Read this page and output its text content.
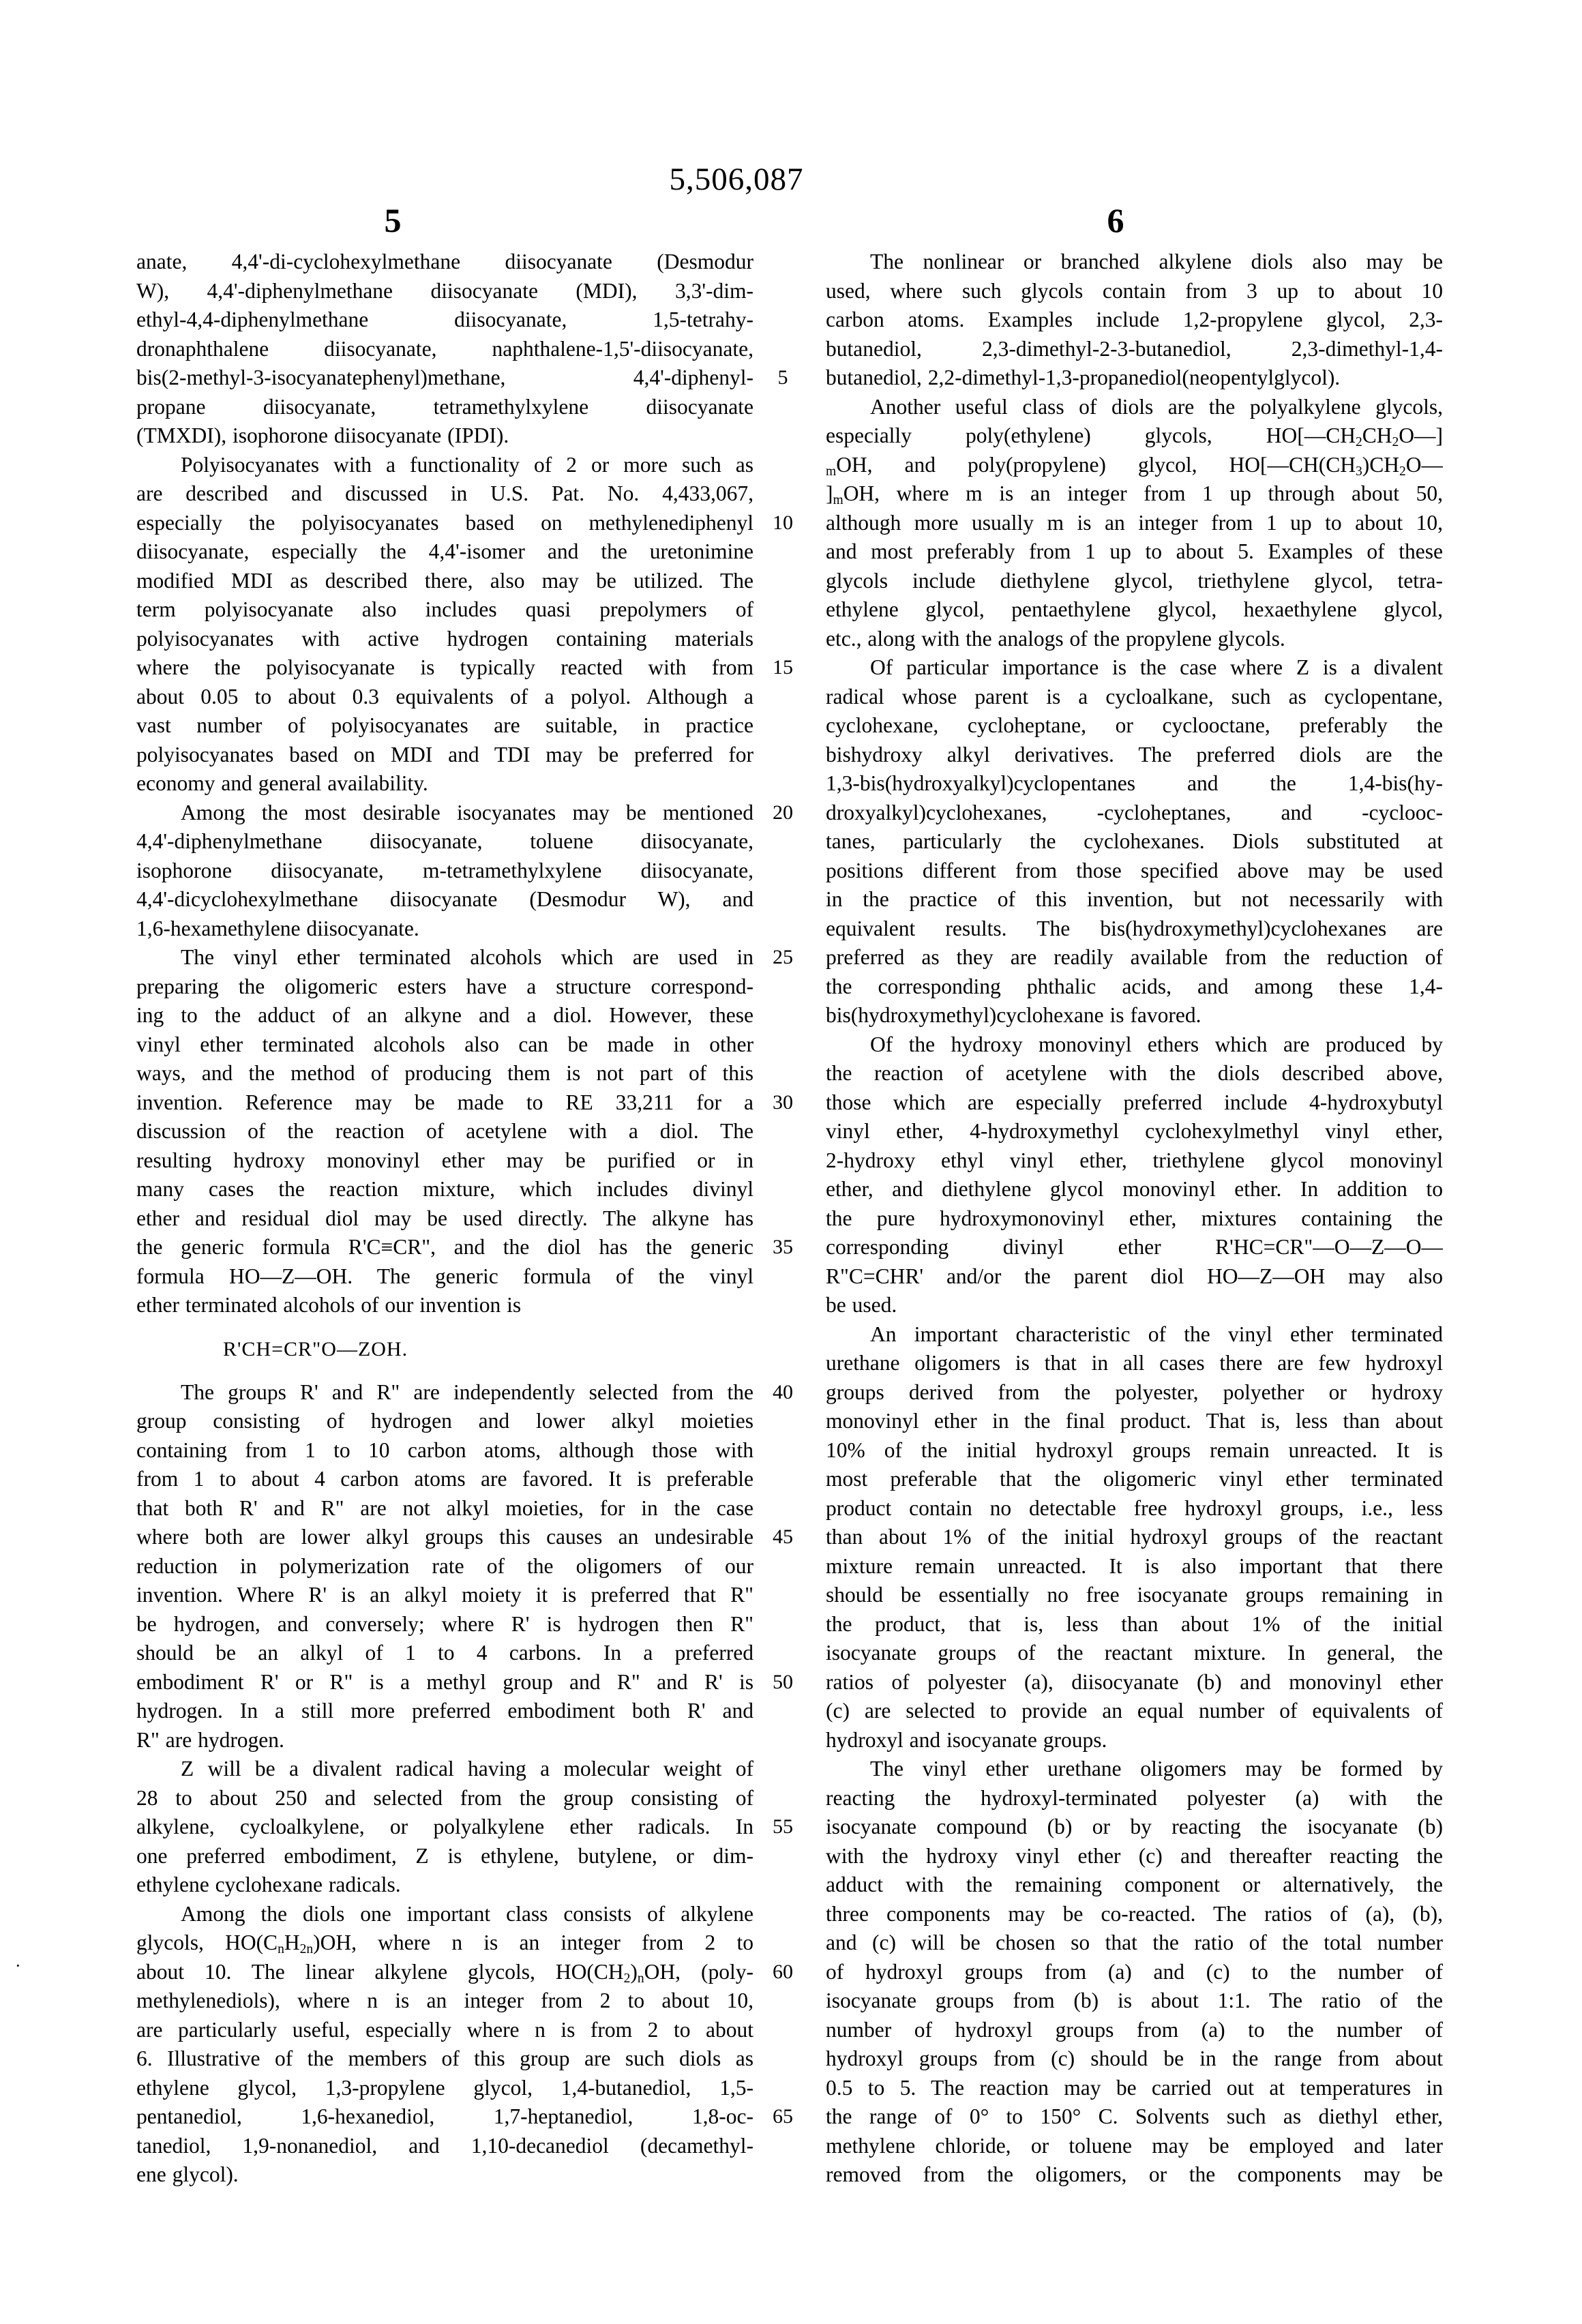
5,506,087
5	6
anate, 4,4'-di-cyclohexylmethane diisocyanate (Desmodur
W), 4,4'-diphenylmethane diisocyanate (MDI), 3,3'-dim-
ethyl-4,4-diphenylmethane diisocyanate, 1,5-tetrahy-
dronaphthalene diisocyanate, naphthalene-1,5'-diisocyanate,
bis(2-methyl-3-isocyanatephenyl)methane, 4,4'-diphenyl-
propane diisocyanate, tetramethylxylene diisocyanate
(TMXDI), isophorone diisocyanate (IPDI).
Polyisocyanates with a functionality of 2 or more such as
are described and discussed in U.S. Pat. No. 4,433,067,
especially the polyisocyanates based on methylenediphenyl
diisocyanate, especially the 4,4'-isomer and the uretonimine
modified MDI as described there, also may be utilized. The
term polyisocyanate also includes quasi prepolymers of
polyisocyanates with active hydrogen containing materials
where the polyisocyanate is typically reacted with from
about 0.05 to about 0.3 equivalents of a polyol. Although a
vast number of polyisocyanates are suitable, in practice
polyisocyanates based on MDI and TDI may be preferred for
economy and general availability.
Among the most desirable isocyanates may be mentioned
4,4'-diphenylmethane diisocyanate, toluene diisocyanate,
isophorone diisocyanate, m-tetramethylxylene diisocyanate,
4,4'-dicyclohexylmethane diisocyanate (Desmodur W), and
1,6-hexamethylene diisocyanate.
The vinyl ether terminated alcohols which are used in
preparing the oligomeric esters have a structure correspond-
ing to the adduct of an alkyne and a diol. However, these
vinyl ether terminated alcohols also can be made in other
ways, and the method of producing them is not part of this
invention. Reference may be made to RE 33,211 for a
discussion of the reaction of acetylene with a diol. The
resulting hydroxy monovinyl ether may be purified or in
many cases the reaction mixture, which includes divinyl
ether and residual diol may be used directly. The alkyne has
the generic formula R'C≡CR", and the diol has the generic
formula HO—Z—OH. The generic formula of the vinyl
ether terminated alcohols of our invention is
R'CH=CR"O—ZOH.
The groups R' and R" are independently selected from the
group consisting of hydrogen and lower alkyl moieties
containing from 1 to 10 carbon atoms, although those with
from 1 to about 4 carbon atoms are favored. It is preferable
that both R' and R" are not alkyl moieties, for in the case
where both are lower alkyl groups this causes an undesirable
reduction in polymerization rate of the oligomers of our
invention. Where R' is an alkyl moiety it is preferred that R"
be hydrogen, and conversely; where R' is hydrogen then R"
should be an alkyl of 1 to 4 carbons. In a preferred
embodiment R' or R" is a methyl group and R" and R' is
hydrogen. In a still more preferred embodiment both R' and
R" are hydrogen.
Z will be a divalent radical having a molecular weight of
28 to about 250 and selected from the group consisting of
alkylene, cycloalkylene, or polyalkylene ether radicals. In
one preferred embodiment, Z is ethylene, butylene, or dim-
ethylene cyclohexane radicals.
Among the diols one important class consists of alkylene
glycols, $HO(C_nH_{2n})OH$, where n is an integer from 2 to
about 10. The linear alkylene glycols, $HO(CH_2)_nOH$, (poly-
methylenediols), where n is an integer from 2 to about 10,
are particularly useful, especially where n is from 2 to about
6. Illustrative of the members of this group are such diols as
ethylene glycol, 1,3-propylene glycol, 1,4-butanediol, 1,5-
pentanediol, 1,6-hexanediol, 1,7-heptanediol, 1,8-oc-
tanediol, 1,9-nonanediol, and 1,10-decanediol (decamethyl-
ene glycol).
The nonlinear or branched alkylene diols also may be
used, where such glycols contain from 3 up to about 10
carbon atoms. Examples include 1,2-propylene glycol, 2,3-
butanediol, 2,3-dimethyl-2-3-butanediol, 2,3-dimethyl-1,4-
butanediol, 2,2-dimethyl-1,3-propanediol(neopentylglycol).
Another useful class of diols are the polyalkylene glycols,
especially poly(ethylene) glycols, $HO[—CH_2CH_2O—]$
$_m$OH, and poly(propylene) glycol, $HO[—CH(CH_3)CH_2O—$
]$_mOH$, where m is an integer from 1 up through about 50,
although more usually m is an integer from 1 up to about 10,
and most preferably from 1 up to about 5. Examples of these
glycols include diethylene glycol, triethylene glycol, tetra-
ethylene glycol, pentaethylene glycol, hexaethylene glycol,
etc., along with the analogs of the propylene glycols.
Of particular importance is the case where Z is a divalent
radical whose parent is a cycloalkane, such as cyclopentane,
cyclohexane, cycloheptane, or cyclooctane, preferably the
bishydroxy alkyl derivatives. The preferred diols are the
1,3-bis(hydroxyalkyl)cyclopentanes and the 1,4-bis(hy-
droxyalkyl)cyclohexanes, -cycloheptanes, and -cyclooc-
tanes, particularly the cyclohexanes. Diols substituted at
positions different from those specified above may be used
in the practice of this invention, but not necessarily with
equivalent results. The bis(hydroxymethyl)cyclohexanes are
preferred as they are readily available from the reduction of
the corresponding phthalic acids, and among these 1,4-
bis(hydroxymethyl)cyclohexane is favored.
Of the hydroxy monovinyl ethers which are produced by
the reaction of acetylene with the diols described above,
those which are especially preferred include 4-hydroxybutyl
vinyl ether, 4-hydroxymethyl cyclohexylmethyl vinyl ether,
2-hydroxy ethyl vinyl ether, triethylene glycol monovinyl
ether, and diethylene glycol monovinyl ether. In addition to
the pure hydroxymonovinyl ether, mixtures containing the
corresponding divinyl ether R'HC=CR"—O—Z—O—
R"C=CHR' and/or the parent diol HO—Z—OH may also
be used.
An important characteristic of the vinyl ether terminated
urethane oligomers is that in all cases there are few hydroxyl
groups derived from the polyester, polyether or hydroxy
monovinyl ether in the final product. That is, less than about
10% of the initial hydroxyl groups remain unreacted. It is
most preferable that the oligomeric vinyl ether terminated
product contain no detectable free hydroxyl groups, i.e., less
than about 1% of the initial hydroxyl groups of the reactant
mixture remain unreacted. It is also important that there
should be essentially no free isocyanate groups remaining in
the product, that is, less than about 1% of the initial
isocyanate groups of the reactant mixture. In general, the
ratios of polyester (a), diisocyanate (b) and monovinyl ether
(c) are selected to provide an equal number of equivalents of
hydroxyl and isocyanate groups.
The vinyl ether urethane oligomers may be formed by
reacting the hydroxyl-terminated polyester (a) with the
isocyanate compound (b) or by reacting the isocyanate (b)
with the hydroxy vinyl ether (c) and thereafter reacting the
adduct with the remaining component or alternatively, the
three components may be co-reacted. The ratios of (a), (b),
and (c) will be chosen so that the ratio of the total number
of hydroxyl groups from (a) and (c) to the number of
isocyanate groups from (b) is about 1:1. The ratio of the
number of hydroxyl groups from (a) to the number of
hydroxyl groups from (c) should be in the range from about
0.5 to 5. The reaction may be carried out at temperatures in
the range of 0° to 150° C. Solvents such as diethyl ether,
methylene chloride, or toluene may be employed and later
removed from the oligomers, or the components may be
5
10
15
20
25
30
35
40
45
50
55
60
65
·
